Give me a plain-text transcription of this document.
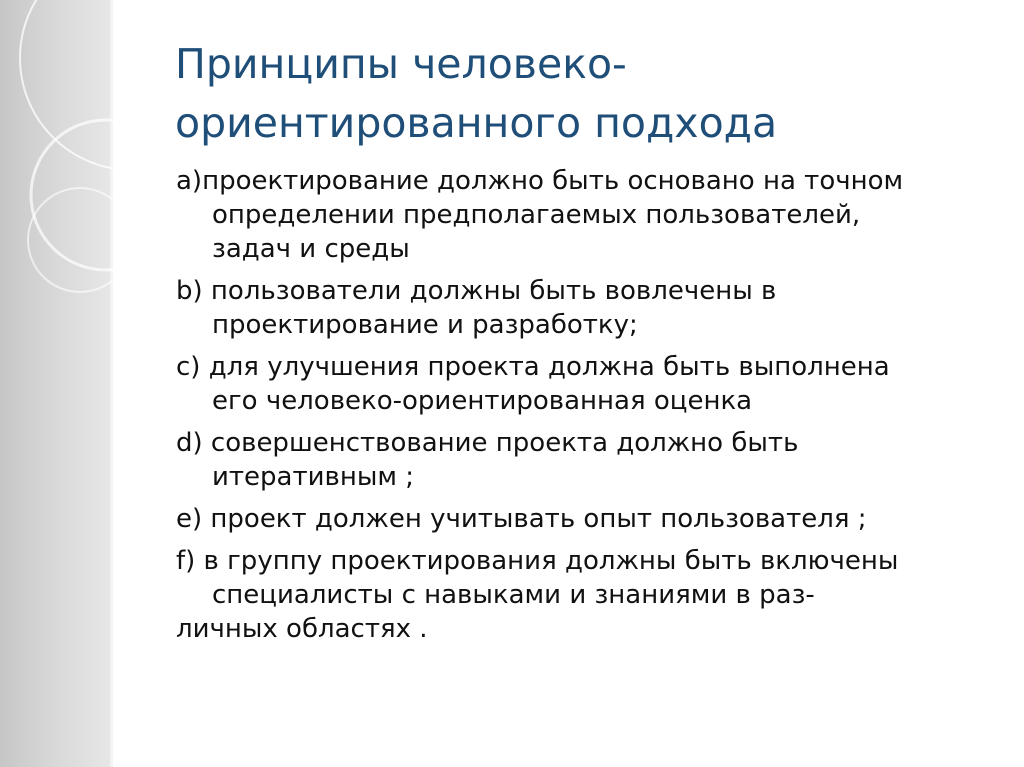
Принципы человеко-
ориентированного подхода
а)проектирование должно быть основано на точном
определении предполагаемых пользователей,
задач и среды
b) пользователи должны быть вовлечены в
проектирование и разработку;
c) для улучшения проекта должна быть выполнена
его человеко-ориентированная оценка
d) совершенствование проекта должно быть
итеративным ;
e) проект должен учитывать опыт пользователя ;
f) в группу проектирования должны быть включены
специалисты с навыками и знаниями в раз-
личных областях .
